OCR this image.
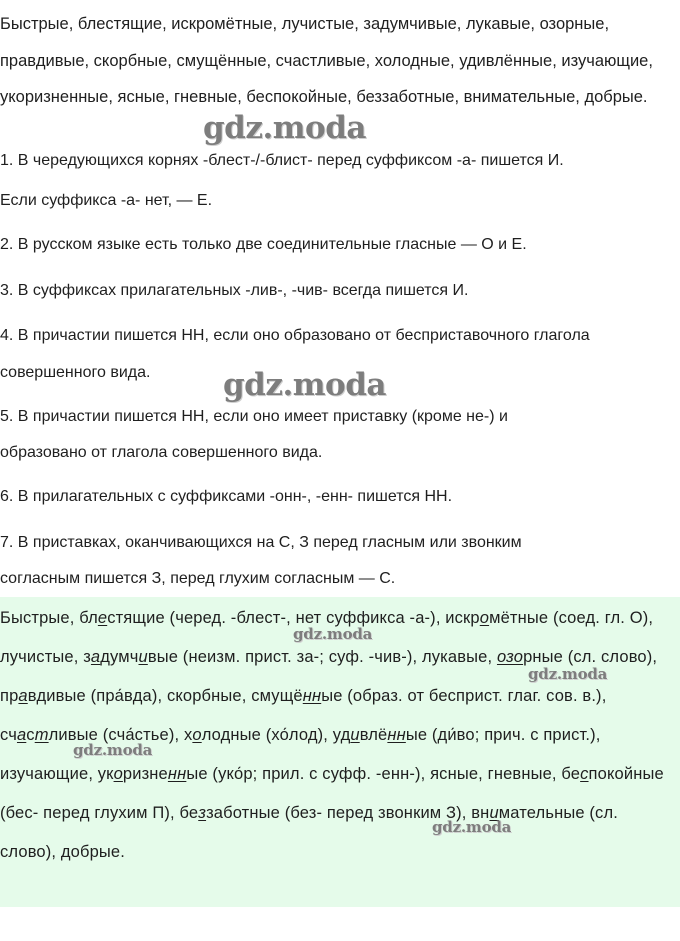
Быстрые, блестящие, искромётные, лучистые, задумчивые, лукавые, озорные, правдивые, скорбные, смущённые, счастливые, холодные, удивлённые, изучающие, укоризненные, ясные, гневные, беспокойные, беззаботные, внимательные, добрые.
1. В чередующихся корнях -блест-/-блист- перед суффиксом -а- пишется И.
Если суффикса -а- нет, — Е.
2. В русском языке есть только две соединительные гласные — О и Е.
3. В суффиксах прилагательных -лив-, -чив- всегда пишется И.
4. В причастии пишется НН, если оно образовано от бесприставочного глагола
совершенного вида.
5. В причастии пишется НН, если оно имеет приставку (кроме не-) и
образовано от глагола совершенного вида.
6. В прилагательных с суффиксами -онн-, -енн- пишется НН.
7. В приставках, оканчивающихся на С, З перед гласным или звонким
согласным пишется З, перед глухим согласным — С.
Быстрые, блестящие (черед. -блест-, нет суффикса -а-), искромётные (соед. гл. О), лучистые, задумчивые (неизм. прист. за-; суф. -чив-), лукавые, озорные (сл. слово), правдивые (пра́вда), скорбные, смущённые (образ. от бесприст. глаг. сов. в.), счастливые (сча́стье), холодные (хо́лод), удивлённые (ди́во; прич. с прист.), изучающие, укоризненные (уко́р; прил. с суфф. -енн-), ясные, гневные, беспокойные (бес- перед глухим П), беззаботные (без- перед звонким З), внимательные (сл. слово), добрые.
gdz.moda
gdz.moda
gdz.moda
gdz.moda
gdz.moda
gdz.moda
